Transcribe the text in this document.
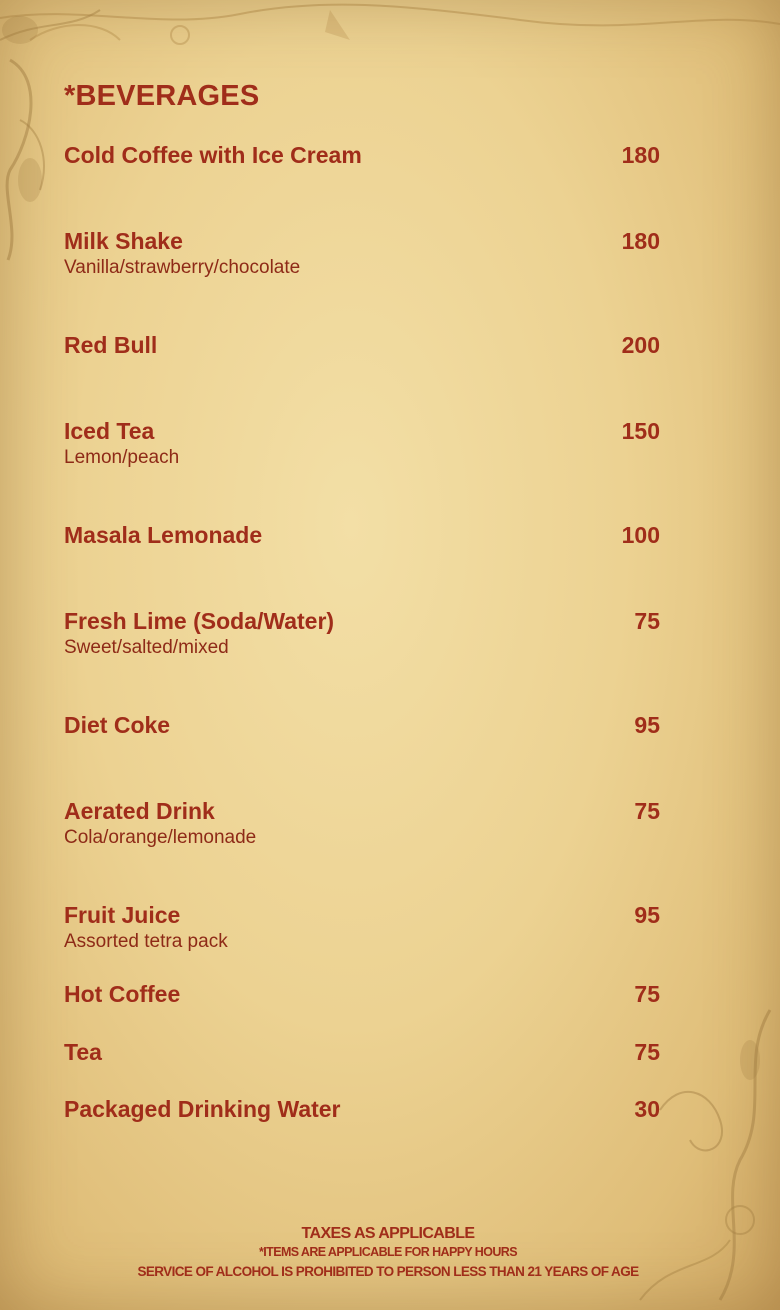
*BEVERAGES
Cold Coffee with Ice Cream	180
Milk Shake	180
Vanilla/strawberry/chocolate
Red Bull	200
Iced Tea	150
Lemon/peach
Masala Lemonade	100
Fresh Lime (Soda/Water)	75
Sweet/salted/mixed
Diet Coke	95
Aerated Drink	75
Cola/orange/lemonade
Fruit Juice	95
Assorted tetra pack
Hot Coffee	75
Tea	75
Packaged Drinking Water	30
TAXES AS APPLICABLE
*ITEMS ARE APPLICABLE FOR HAPPY HOURS
SERVICE OF ALCOHOL IS PROHIBITED TO PERSON LESS THAN 21 YEARS OF AGE
